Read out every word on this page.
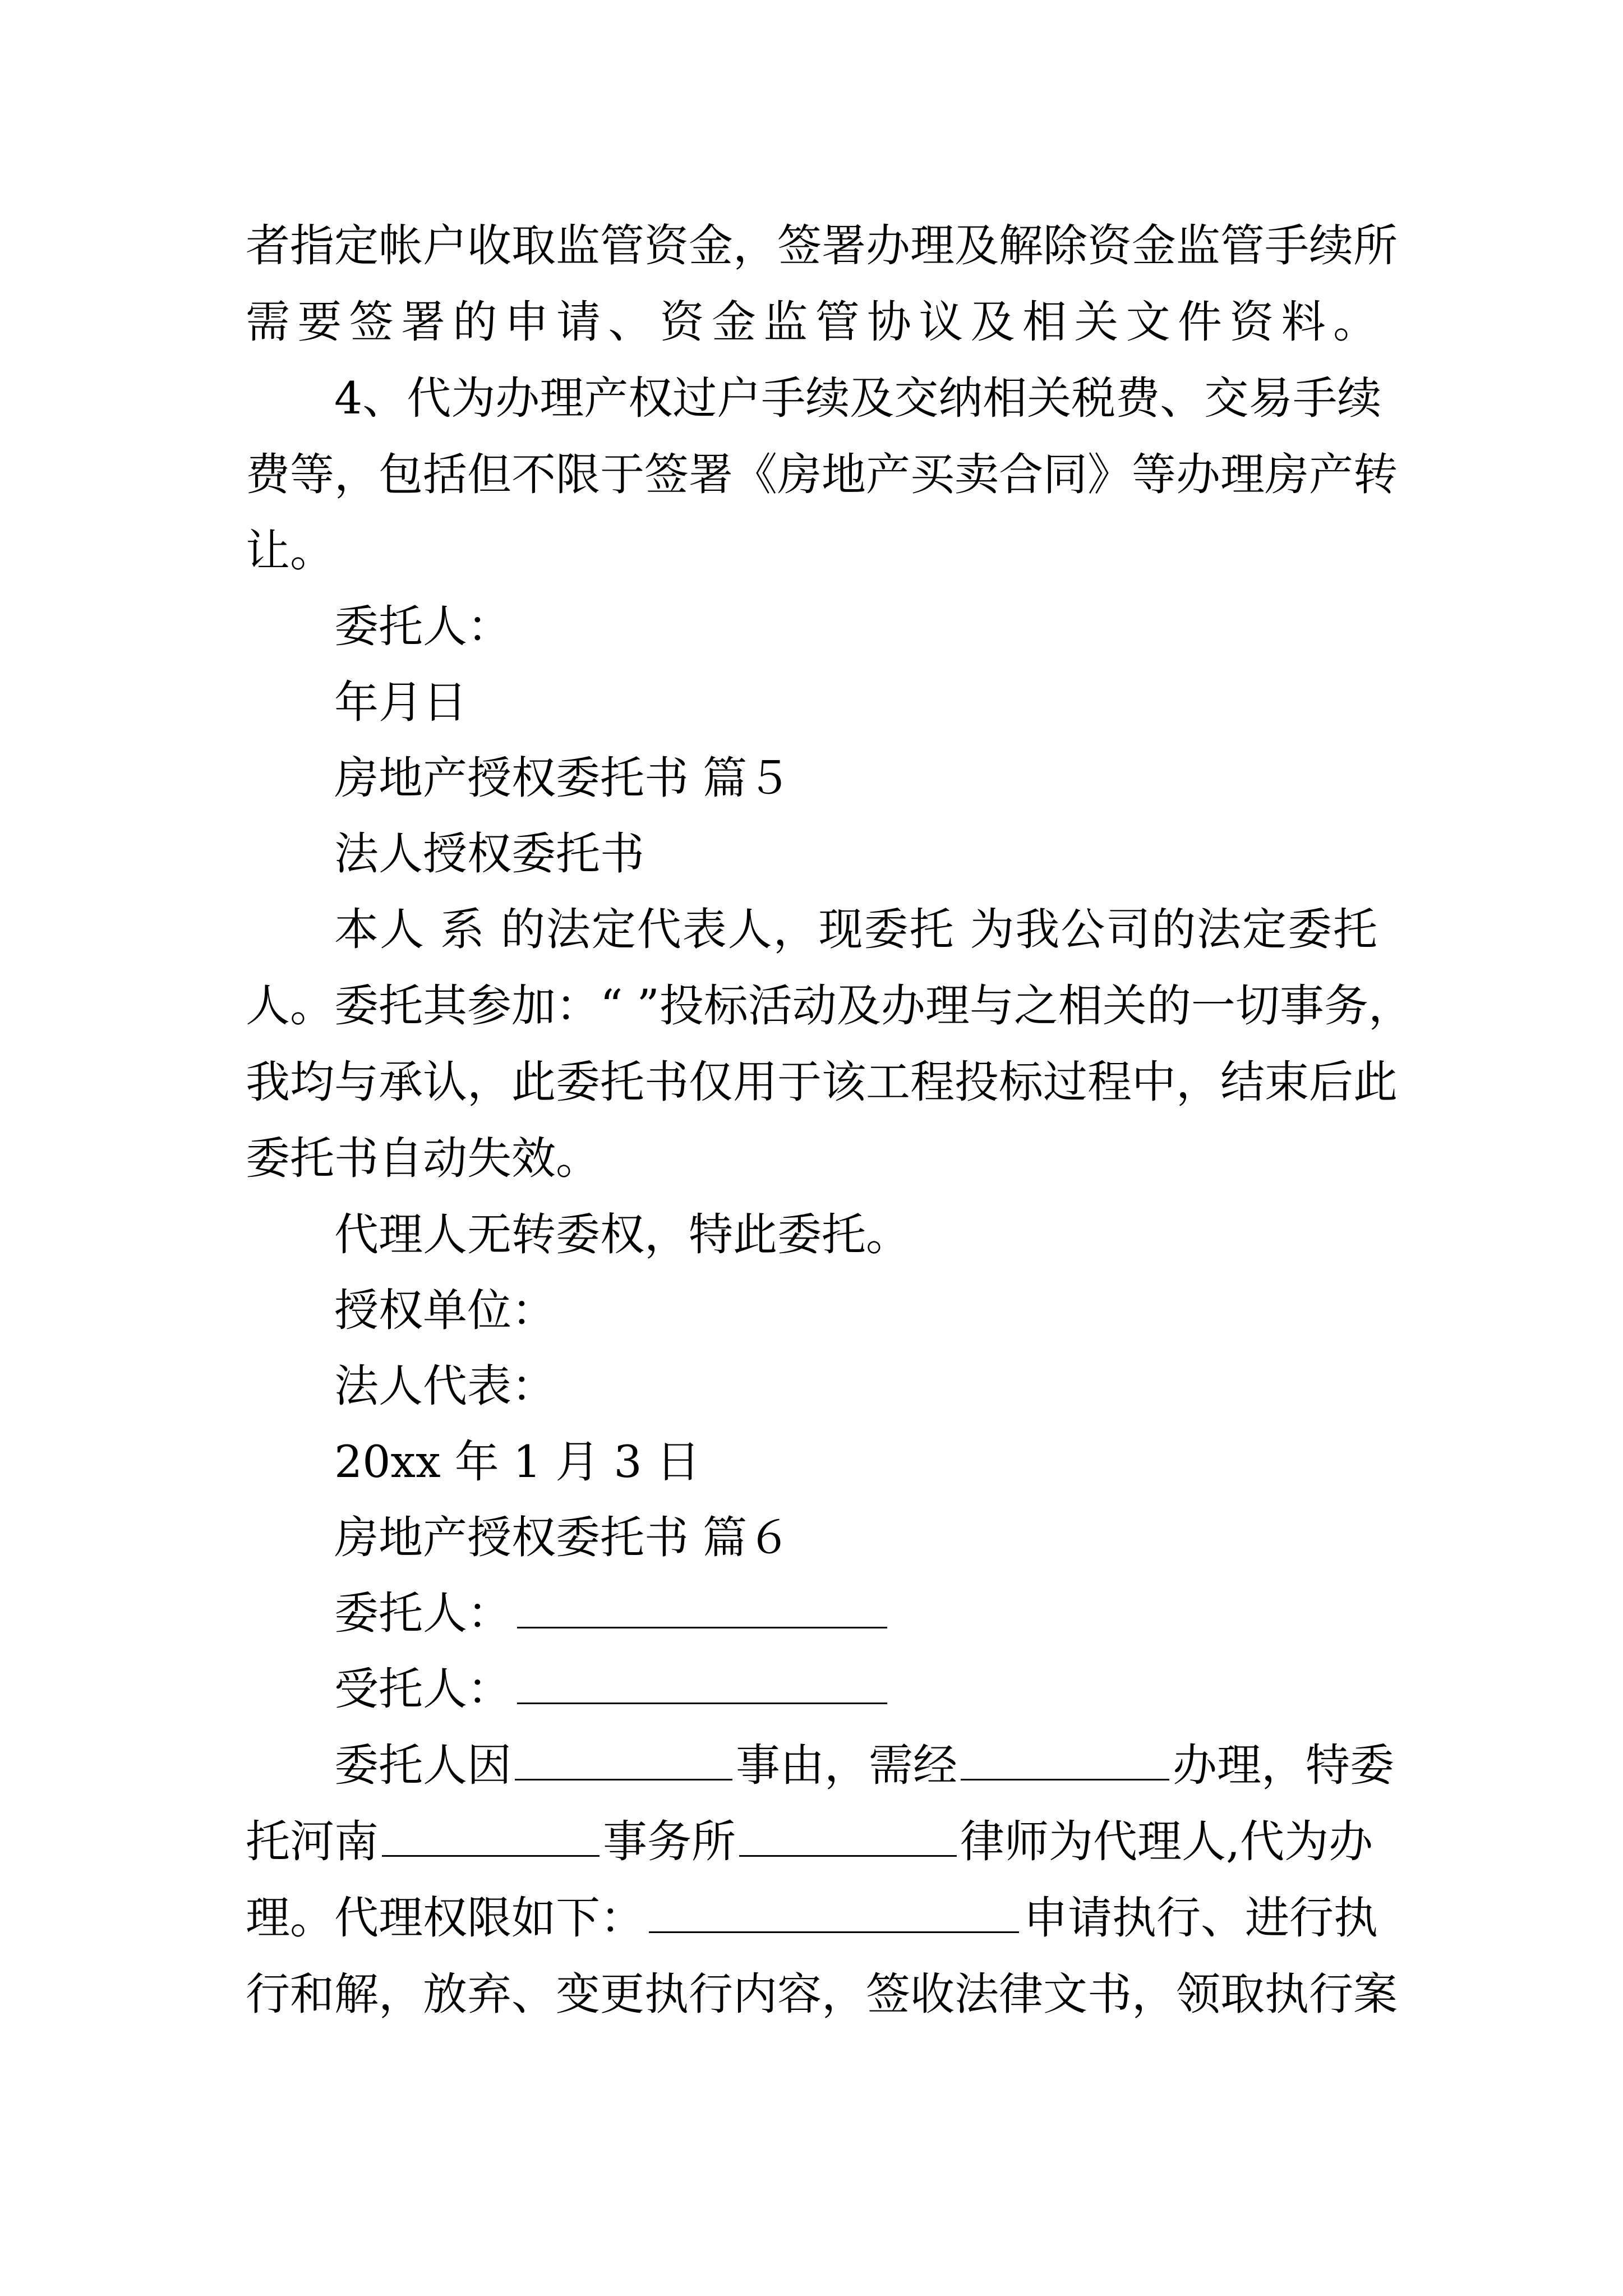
者指定帐户收取监管资金，签署办理及解除资金监管手续所
需要签署的申请、资金监管协议及相关文件资料。
4、代为办理产权过户手续及交纳相关税费、交易手续
费等，包括但不限于签署《房地产买卖合同》等办理房产转
让。
委托人：
年月日
房地产授权委托书 篇５
法人授权委托书
本人 系 的法定代表人，现委托 为我公司的法定委托
人。委托其参加：“ ”投标活动及办理与之相关的一切事务，
我均与承认，此委托书仅用于该工程投标过程中，结束后此
委托书自动失效。
代理人无转委权，特此委托。
授权单位：
法人代表：
20xx 年 1 月 3 日
房地产授权委托书 篇６
委托人：
受托人：
委托人因	事由，需经	办理，特委
托河南	事务所	律师为代理人,代为办
理。代理权限如下：	申请执行、进行执
行和解，放弃、变更执行内容，签收法律文书，领取执行案
